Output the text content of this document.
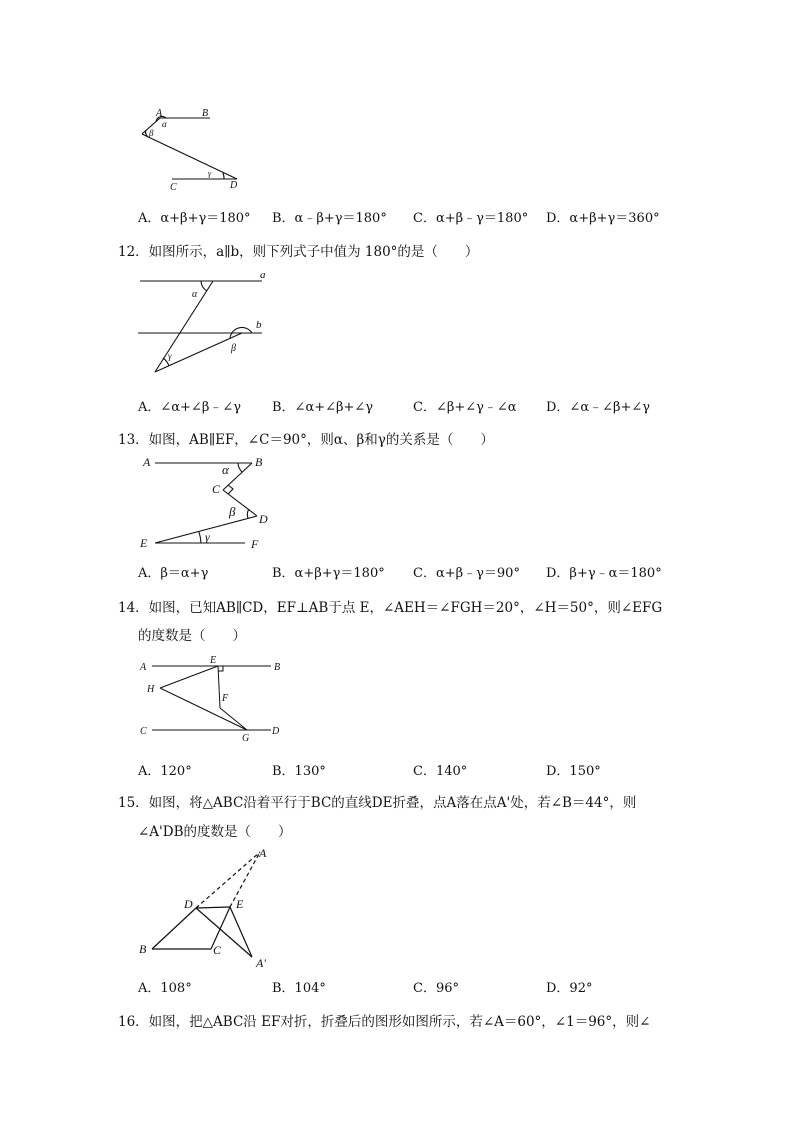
A	B
α
β
γ
C	D
A．α+β+γ＝180° B．α﹣β+γ＝180° C．α+β﹣γ＝180° D．α+β+γ＝360°
12．如图所示，a∥b，则下列式子中值为 180°的是（　　）
a
b
α
β
γ
A．∠α+∠β﹣∠γ B．∠α+∠β+∠γ	C．∠β+∠γ﹣∠α D．∠α﹣∠β+∠γ
13．如图，AB∥EF，∠C＝90°，则α、β和γ的关系是（　　）
A	B
α
C
β D
E	γ	F
A．β＝α+γ	B．α+β+γ＝180° C．α+β﹣γ＝90° D．β+γ﹣α＝180°
14．如图，已知AB∥CD，EF⊥AB于点 E，∠AEH＝∠FGH＝20°，∠H＝50°，则∠EFG
的度数是（　　）
A
E
B
H
F
C
G
D
A．120°	B．130°	C．140°	D．150°
15．如图，将△ABC沿着平行于BC的直线DE折叠，点A落在点A'处，若∠B＝44°，则
∠A'DB的度数是（　　）
A
D	E
B	C
A′
A．108°	B．104°	C．96°	D．92°
16．如图，把△ABC沿 EF对折，折叠后的图形如图所示，若∠A＝60°，∠1＝96°，则∠
